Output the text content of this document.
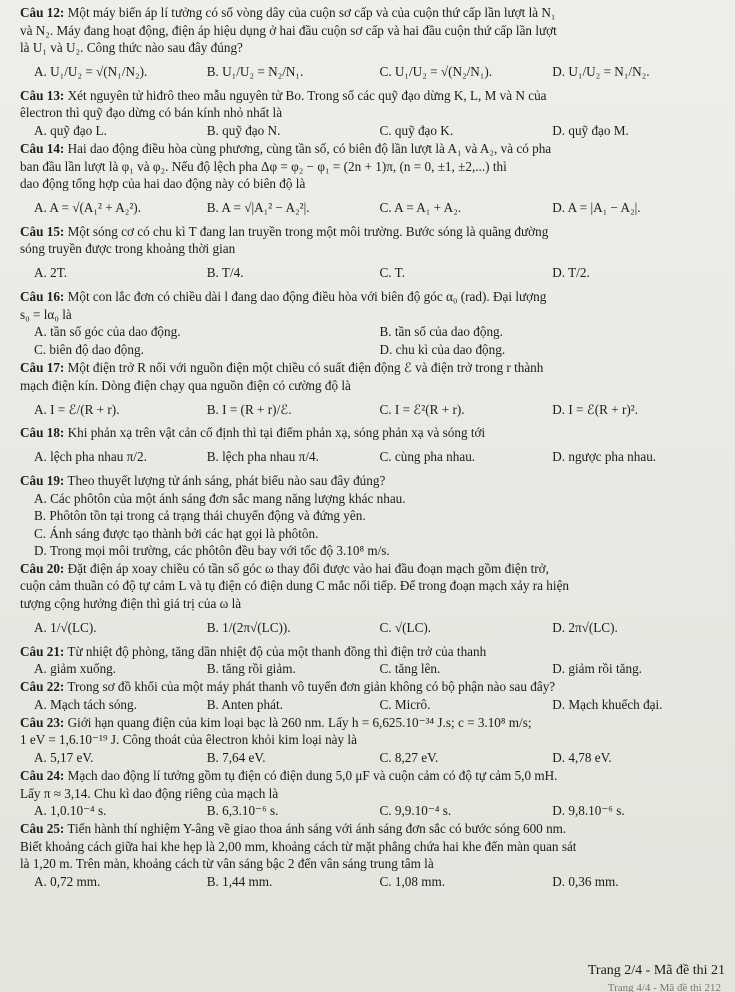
Câu 12: Một máy biến áp lí tưởng có số vòng dây của cuộn sơ cấp và của cuộn thứ cấp lần lượt là N₁
và N₂. Máy đang hoạt động, điện áp hiệu dụng ở hai đầu cuộn sơ cấp và hai đầu cuộn thứ cấp lần lượt
là U₁ và U₂. Công thức nào sau đây đúng?
A. U₁/U₂ = √(N₁/N₂).	B. U₁/U₂ = N₂/N₁.	C. U₁/U₂ = √(N₂/N₁).	D. U₁/U₂ = N₁/N₂.
Câu 13: Xét nguyên tử hiđrô theo mẫu nguyên tử Bo. Trong số các quỹ đạo dừng K, L, M và N của
êlectron thì quỹ đạo dừng có bán kính nhỏ nhất là
A. quỹ đạo L.	B. quỹ đạo N.	C. quỹ đạo K.	D. quỹ đạo M.
Câu 14: Hai dao động điều hòa cùng phương, cùng tần số, có biên độ lần lượt là A₁ và A₂, và có pha
ban đầu lần lượt là φ₁ và φ₂. Nếu độ lệch pha Δφ = φ₂ − φ₁ = (2n + 1)π, (n = 0, ±1, ±2,...) thì
dao động tổng hợp của hai dao động này có biên độ là
A. A = √(A₁² + A₂²).	B. A = √|A₁² − A₂²|.	C. A = A₁ + A₂.	D. A = |A₁ − A₂|.
Câu 15: Một sóng cơ có chu kì T đang lan truyền trong một môi trường. Bước sóng là quãng đường
sóng truyền được trong khoảng thời gian
A. 2T.	B. T/4.	C. T.	D. T/2.
Câu 16: Một con lắc đơn có chiều dài l đang dao động điều hòa với biên độ góc α₀ (rad). Đại lượng
s₀ = lα₀ là
A. tần số góc của dao động.	B. tần số của dao động.
C. biên độ dao động.	D. chu kì của dao động.
Câu 17: Một điện trở R nối với nguồn điện một chiều có suất điện động ℰ và điện trở trong r thành
mạch điện kín. Dòng điện chạy qua nguồn điện có cường độ là
A. I = ℰ/(R + r).	B. I = (R + r)/ℰ.	C. I = ℰ²(R + r).	D. I = ℰ(R + r)².
Câu 18: Khi phản xạ trên vật cản cố định thì tại điểm phản xạ, sóng phản xạ và sóng tới
A. lệch pha nhau π/2.	B. lệch pha nhau π/4.	C. cùng pha nhau.	D. ngược pha nhau.
Câu 19: Theo thuyết lượng tử ánh sáng, phát biểu nào sau đây đúng?
A. Các phôtôn của một ánh sáng đơn sắc mang năng lượng khác nhau.
B. Phôtôn tồn tại trong cả trạng thái chuyển động và đứng yên.
C. Ánh sáng được tạo thành bởi các hạt gọi là phôtôn.
D. Trong mọi môi trường, các phôtôn đều bay với tốc độ 3.10⁸ m/s.
Câu 20: Đặt điện áp xoay chiều có tần số góc ω thay đổi được vào hai đầu đoạn mạch gồm điện trở,
cuộn cảm thuần có độ tự cảm L và tụ điện có điện dung C mắc nối tiếp. Để trong đoạn mạch xảy ra hiện
tượng cộng hưởng điện thì giá trị của ω là
A. 1/√(LC).	B. 1/(2π√(LC)).	C. √(LC).	D. 2π√(LC).
Câu 21: Từ nhiệt độ phòng, tăng dần nhiệt độ của một thanh đồng thì điện trở của thanh
A. giảm xuống.	B. tăng rồi giảm.	C. tăng lên.	D. giảm rồi tăng.
Câu 22: Trong sơ đồ khối của một máy phát thanh vô tuyến đơn giản không có bộ phận nào sau đây?
A. Mạch tách sóng.	B. Anten phát.	C. Micrô.	D. Mạch khuếch đại.
Câu 23: Giới hạn quang điện của kim loại bạc là 260 nm. Lấy h = 6,625.10⁻³⁴ J.s; c = 3.10⁸ m/s;
1 eV = 1,6.10⁻¹⁹ J. Công thoát của êlectron khỏi kim loại này là
A. 5,17 eV.	B. 7,64 eV.	C. 8,27 eV.	D. 4,78 eV.
Câu 24: Mạch dao động lí tưởng gồm tụ điện có điện dung 5,0 μF và cuộn cảm có độ tự cảm 5,0 mH.
Lấy π ≈ 3,14. Chu kì dao động riêng của mạch là
A. 1,0.10⁻⁴ s.	B. 6,3.10⁻⁶ s.	C. 9,9.10⁻⁴ s.	D. 9,8.10⁻⁶ s.
Câu 25: Tiến hành thí nghiệm Y-âng về giao thoa ánh sáng với ánh sáng đơn sắc có bước sóng 600 nm.
Biết khoảng cách giữa hai khe hẹp là 2,00 mm, khoảng cách từ mặt phẳng chứa hai khe đến màn quan sát
là 1,20 m. Trên màn, khoảng cách từ vân sáng bậc 2 đến vân sáng trung tâm là
A. 0,72 mm.	B. 1,44 mm.	C. 1,08 mm.	D. 0,36 mm.
Trang 2/4 - Mã đề thi 21
Trang 4/4 - Mã đề thi 212
